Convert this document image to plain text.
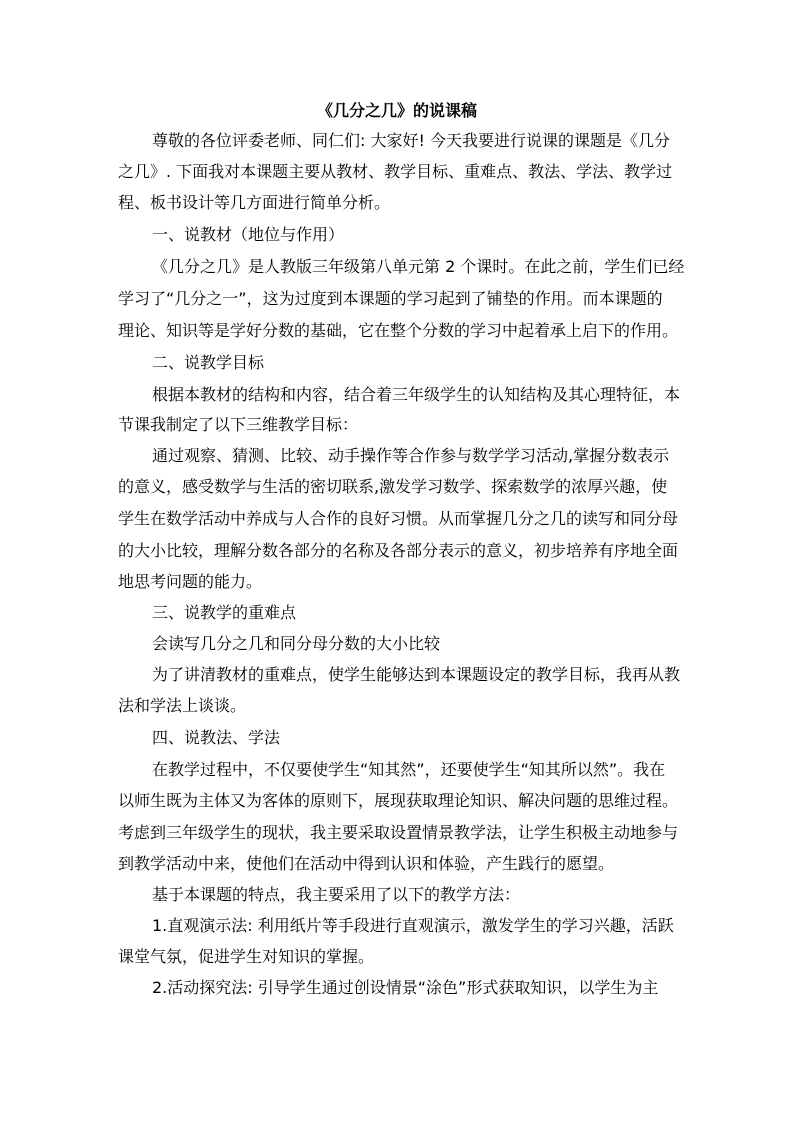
《几分之几》的说课稿
尊敬的各位评委老师、同仁们: 大家好! 今天我要进行说课的课题是《几分
之几》. 下面我对本课题主要从教材、教学目标、重难点、教法、学法、教学过
程、板书设计等几方面进行简单分析。
一、说教材（地位与作用）
《几分之几》是人教版三年级第八单元第 2 个课时。在此之前，学生们已经
学习了“几分之一”，这为过度到本课题的学习起到了铺垫的作用。而本课题的
理论、知识等是学好分数的基础，它在整个分数的学习中起着承上启下的作用。
二、说教学目标
根据本教材的结构和内容，结合着三年级学生的认知结构及其心理特征，本
节课我制定了以下三维教学目标：
通过观察、猜测、比较、动手操作等合作参与数学学习活动,掌握分数表示
的意义，感受数学与生活的密切联系,激发学习数学、探索数学的浓厚兴趣，使
学生在数学活动中养成与人合作的良好习惯。从而掌握几分之几的读写和同分母
的大小比较，理解分数各部分的名称及各部分表示的意义，初步培养有序地全面
地思考问题的能力。
三、说教学的重难点
会读写几分之几和同分母分数的大小比较
为了讲清教材的重难点，使学生能够达到本课题设定的教学目标，我再从教
法和学法上谈谈。
四、说教法、学法
在教学过程中，不仅要使学生“知其然”，还要使学生“知其所以然”。我在
以师生既为主体又为客体的原则下，展现获取理论知识、解决问题的思维过程。
考虑到三年级学生的现状，我主要采取设置情景教学法，让学生积极主动地参与
到教学活动中来，使他们在活动中得到认识和体验，产生践行的愿望。
基于本课题的特点，我主要采用了以下的教学方法：
1.直观演示法: 利用纸片等手段进行直观演示，激发学生的学习兴趣，活跃
课堂气氛，促进学生对知识的掌握。
2.活动探究法: 引导学生通过创设情景“涂色”形式获取知识，以学生为主
